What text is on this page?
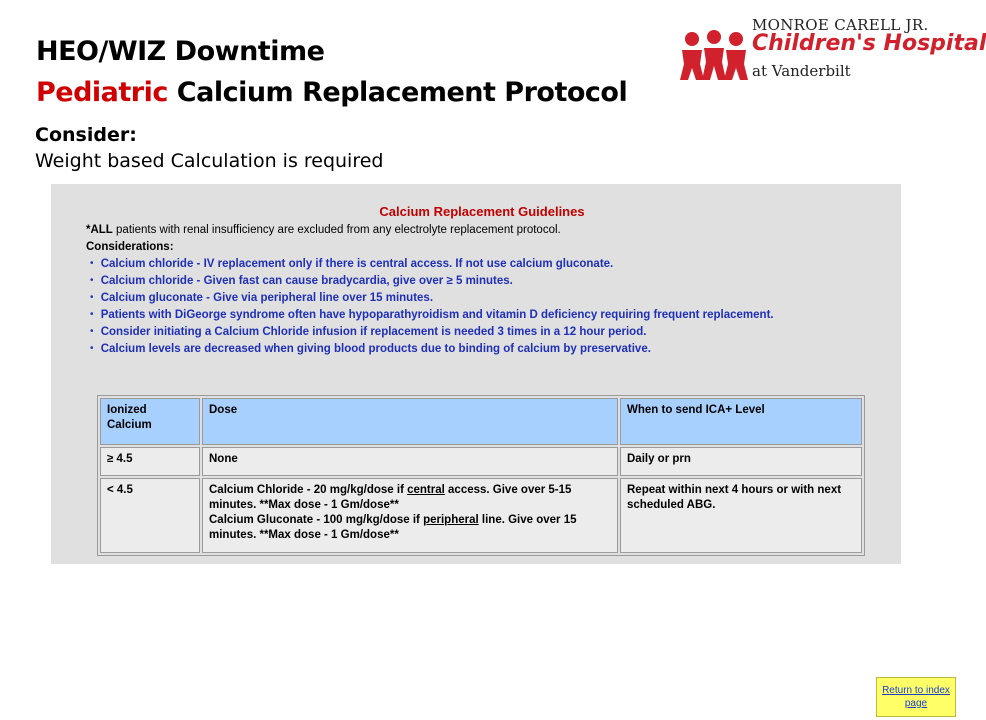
HEO/WIZ Downtime
Pediatric Calcium Replacement Protocol
Consider:
Weight based Calculation is required
MONROE CARELL JR.
Children's Hospital
at Vanderbilt
Calcium Replacement Guidelines
*ALL patients with renal insufficiency are excluded from any electrolyte replacement protocol.
Considerations:
・ Calcium chloride - IV replacement only if there is central access. If not use calcium gluconate.
・ Calcium chloride - Given fast can cause bradycardia, give over ≥ 5 minutes.
・ Calcium gluconate - Give via peripheral line over 15 minutes.
・ Patients with DiGeorge syndrome often have hypoparathyroidism and vitamin D deficiency requiring frequent replacement.
・ Consider initiating a Calcium Chloride infusion if replacement is needed 3 times in a 12 hour period.
・ Calcium levels are decreased when giving blood products due to binding of calcium by preservative.
Ionized Calcium	Dose	When to send ICA+ Level
≥ 4.5	None	Daily or prn
< 4.5	Calcium Chloride - 20 mg/kg/dose if central access. Give over 5-15 minutes. **Max dose - 1 Gm/dose**
Calcium Gluconate - 100 mg/kg/dose if peripheral line. Give over 15 minutes. **Max dose - 1 Gm/dose**	Repeat within next 4 hours or with next scheduled ABG.
Return to index page
